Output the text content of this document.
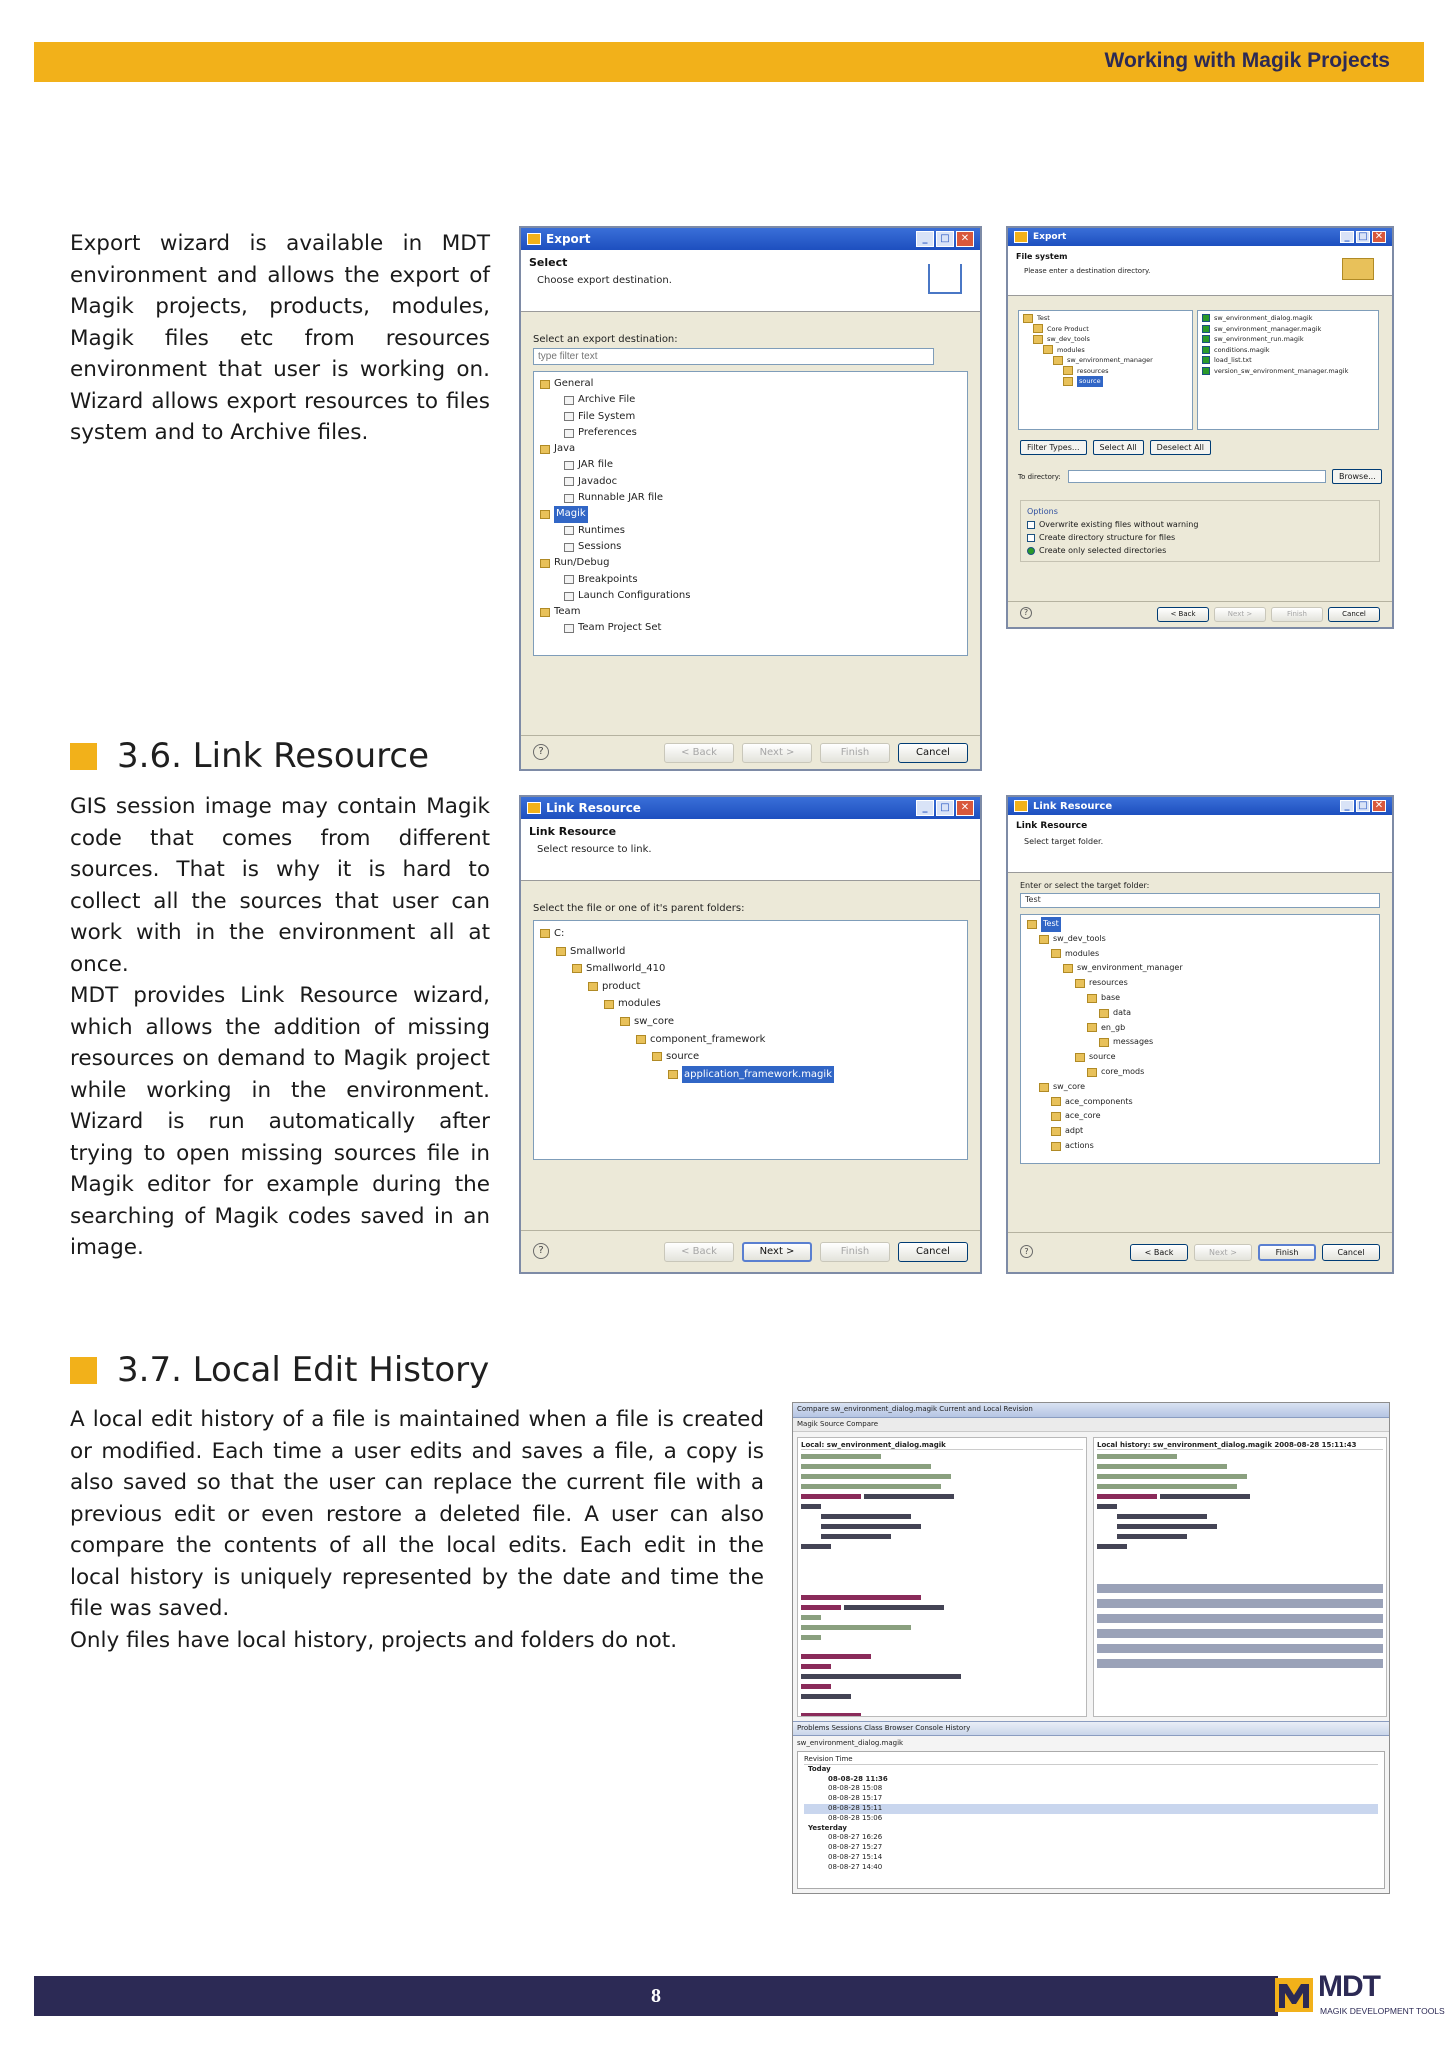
Working with Magik Projects

Export wizard is available in MDT environment and allows the export of Magik projects, products, modules, Magik files etc from resources environment that user is working on. Wizard allows export resources to files system and to Archive files.

Export	_	□	✕
Select
Choose export destination.
Select an export destination:
type filter text
General
Archive File
File System
Preferences
Java
JAR file
Javadoc
Runnable JAR file
Magik
Runtimes
Sessions
Run/Debug
Breakpoints
Launch Configurations
Team
Team Project Set
?	< Back	Next >	Finish	Cancel
Export	_ □ ✕
File system
Please enter a destination directory.
Test
Core Product
sw_dev_tools
modules
sw_environment_manager
resources
source
sw_environment_dialog.magik
sw_environment_manager.magik
sw_environment_run.magik
conditions.magik
load_list.txt
version_sw_environment_manager.magik
Filter Types...	Select All	Deselect All
To directory:	Browse...
Options
Overwrite existing files without warning
Create directory structure for files
Create only selected directories
?	< Back	Next >	Finish	Cancel
3.6. Link Resource

GIS session image may contain Magik code that comes from different sources. That is why it is hard to collect all the sources that user can work with in the environment all at once.

MDT provides Link Resource wizard, which allows the addition of missing resources on demand to Magik project while working in the environment. Wizard is run automatically after trying to open missing sources file in Magik editor for example during the searching of Magik codes saved in an image.

Link Resource	_	□	✕
Link Resource
Select resource to link.
Select the file or one of it's parent folders:
C:
Smallworld
Smallworld_410
product
modules
sw_core
component_framework
source
application_framework.magik
?	< Back	Next >	Finish	Cancel
Link Resource	_ □ ✕
Link Resource
Select target folder.
Enter or select the target folder:
Test
Test
sw_dev_tools
modules
sw_environment_manager
resources
base
data
en_gb
messages
source
core_mods
sw_core
ace_components
ace_core
adpt
actions
?	< Back	Next >	Finish	Cancel
3.7. Local Edit History

A local edit history of a file is maintained when a file is created or modified. Each time a user edits and saves a file, a copy is also saved so that the user can replace the current file with a previous edit or even restore a deleted file. A user can also compare the contents of all the local edits. Each edit in the local history is uniquely represented by the date and time the file was saved.

Only files have local history, projects and folders do not.

Compare sw_environment_dialog.magik Current and Local Revision
Magik Source Compare
Local: sw_environment_dialog.magik	Local history: sw_environment_dialog.magik 2008-08-28 15:11:43
Problems Sessions Class Browser Console History
sw_environment_dialog.magik
Revision Time
Today
08-08-28 11:36
08-08-28 15:08
08-08-28 15:17
08-08-28 15:11
08-08-28 15:06
Yesterday
08-08-27 16:26
08-08-27 15:27
08-08-27 15:14
08-08-27 14:40
8	MDT
MAGIK DEVELOPMENT TOOLS
